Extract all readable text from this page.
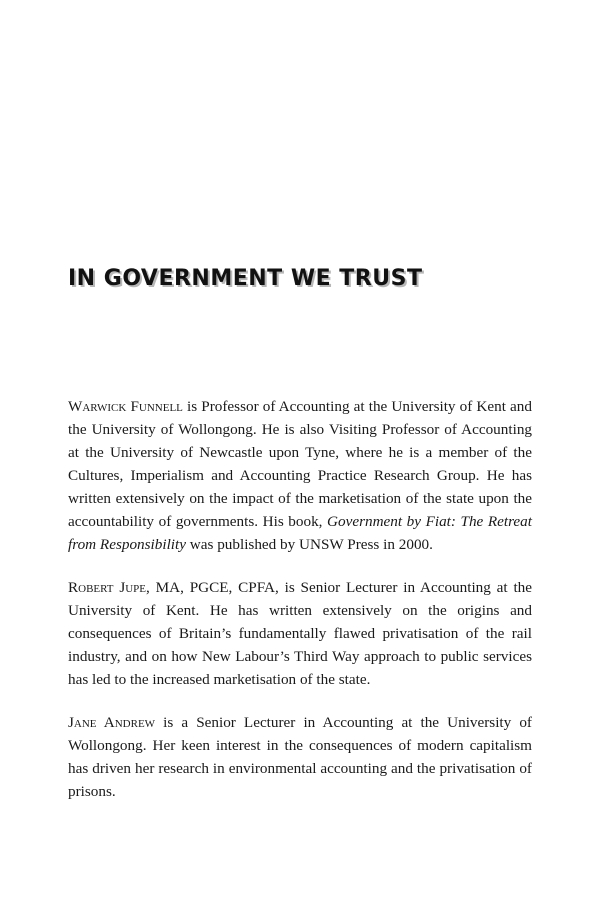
IN GOVERNMENT WE TRUST

Warwick Funnell is Professor of Accounting at the University of Kent and the University of Wollongong. He is also Visiting Professor of Accounting at the University of Newcastle upon Tyne, where he is a member of the Cultures, Imperialism and Accounting Practice Research Group. He has written extensively on the impact of the marketisation of the state upon the accountability of governments. His book, Government by Fiat: The Retreat from Responsibility was published by UNSW Press in 2000.

Robert Jupe, MA, PGCE, CPFA, is Senior Lecturer in Accounting at the University of Kent. He has written extensively on the origins and consequences of Britain’s fundamentally flawed privatisation of the rail industry, and on how New Labour’s Third Way approach to public services has led to the increased marketisation of the state.

Jane Andrew is a Senior Lecturer in Accounting at the University of Wollongong. Her keen interest in the consequences of modern capitalism has driven her research in environmental accounting and the privatisation of prisons.
